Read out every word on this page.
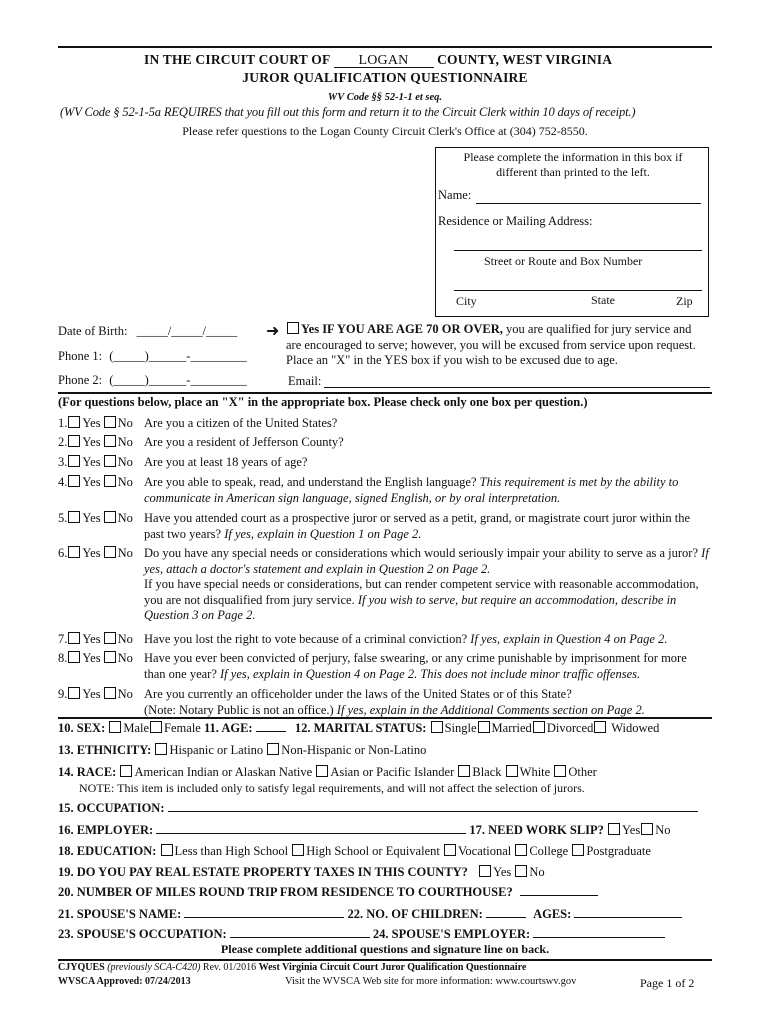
IN THE CIRCUIT COURT OF LOGAN COUNTY, WEST VIRGINIA
JUROR QUALIFICATION QUESTIONNAIRE
WV Code §§ 52-1-1 et seq.
(WV Code § 52-1-5a REQUIRES that you fill out this form and return it to the Circuit Clerk within 10 days of receipt.)
Please refer questions to the Logan County Circuit Clerk's Office at (304) 752-8550.
Please complete the information in this box if different than printed to the left.
Name:
Residence or Mailing Address:
Street or Route and Box Number
City	State	Zip
Date of Birth: _____/_____/_____ ➜	Yes IF YOU ARE AGE 70 OR OVER, you are qualified for jury service and are encouraged to serve; however, you will be excused from service upon request. Place an "X" in the YES box if you wish to be excused due to age.
Phone 1: (_____)______-_________
Phone 2: (_____)______-_________	Email:
(For questions below, place an "X" in the appropriate box. Please check only one box per question.)
1. Yes No Are you a citizen of the United States?
2. Yes No Are you a resident of Jefferson County?
3. Yes No Are you at least 18 years of age?
4. Yes No Are you able to speak, read, and understand the English language? This requirement is met by the ability to communicate in American sign language, signed English, or by oral interpretation.
5. Yes No Have you attended court as a prospective juror or served as a petit, grand, or magistrate court juror within the past two years? If yes, explain in Question 1 on Page 2.
6. Yes No Do you have any special needs or considerations which would seriously impair your ability to serve as a juror? If yes, attach a doctor's statement and explain in Question 2 on Page 2.
If you have special needs or considerations, but can render competent service with reasonable accommodation, you are not disqualified from jury service. If you wish to serve, but require an accommodation, describe in Question 3 on Page 2.
7. Yes No Have you lost the right to vote because of a criminal conviction? If yes, explain in Question 4 on Page 2.
8. Yes No Have you ever been convicted of perjury, false swearing, or any crime punishable by imprisonment for more than one year? If yes, explain in Question 4 on Page 2. This does not include minor traffic offenses.
9. Yes No Are you currently an officeholder under the laws of the United States or of this State?
(Note: Notary Public is not an office.) If yes, explain in the Additional Comments section on Page 2.
10. SEX: Male Female 11. AGE:	12. MARITAL STATUS: Single Married Divorced Widowed
13. ETHNICITY: Hispanic or Latino Non-Hispanic or Non-Latino
14. RACE: American Indian or Alaskan Native Asian or Pacific Islander Black White Other
NOTE: This item is included only to satisfy legal requirements, and will not affect the selection of jurors.
15. OCCUPATION:
16. EMPLOYER:	17. NEED WORK SLIP? Yes No
18. EDUCATION: Less than High School High School or Equivalent Vocational College Postgraduate
19. DO YOU PAY REAL ESTATE PROPERTY TAXES IN THIS COUNTY? Yes No
20. NUMBER OF MILES ROUND TRIP FROM RESIDENCE TO COURTHOUSE?
21. SPOUSE'S NAME:	22. NO. OF CHILDREN:	AGES:
23. SPOUSE'S OCCUPATION:	24. SPOUSE'S EMPLOYER:
Please complete additional questions and signature line on back.
CJYQUES (previously SCA-C420) Rev. 01/2016 West Virginia Circuit Court Juror Qualification Questionnaire
WVSCA Approved: 07/24/2013	Visit the WVSCA Web site for more information: www.courtswv.gov	Page 1 of 2
